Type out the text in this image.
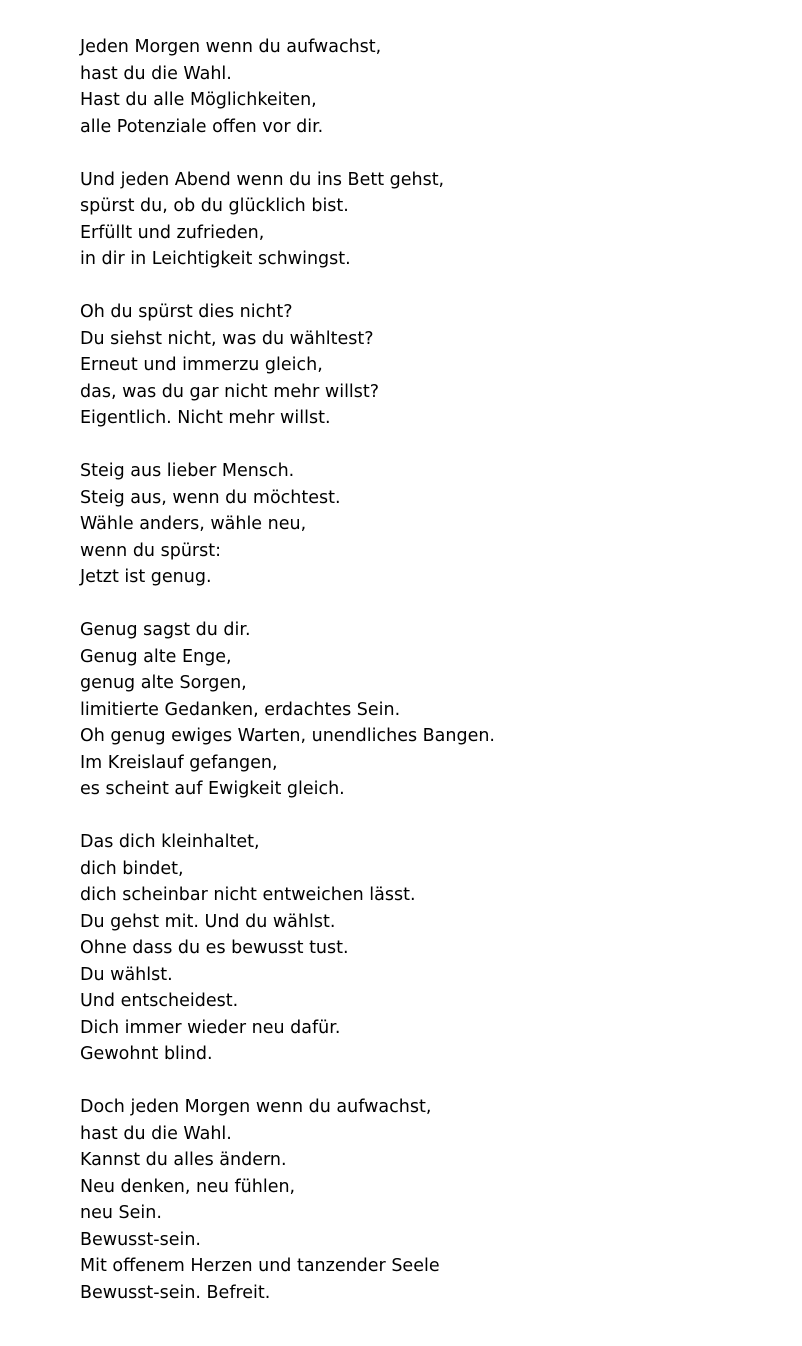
Jeden Morgen wenn du aufwachst,
hast du die Wahl.
Hast du alle Möglichkeiten,
alle Potenziale offen vor dir.
Und jeden Abend wenn du ins Bett gehst,
spürst du, ob du glücklich bist.
Erfüllt und zufrieden,
in dir in Leichtigkeit schwingst.
Oh du spürst dies nicht?
Du siehst nicht, was du wähltest?
Erneut und immerzu gleich,
das, was du gar nicht mehr willst?
Eigentlich. Nicht mehr willst.
Steig aus lieber Mensch.
Steig aus, wenn du möchtest.
Wähle anders, wähle neu,
wenn du spürst:
Jetzt ist genug.
Genug sagst du dir.
Genug alte Enge,
genug alte Sorgen,
limitierte Gedanken, erdachtes Sein.
Oh genug ewiges Warten, unendliches Bangen.
Im Kreislauf gefangen,
es scheint auf Ewigkeit gleich.
Das dich kleinhaltet,
dich bindet,
dich scheinbar nicht entweichen lässt.
Du gehst mit. Und du wählst.
Ohne dass du es bewusst tust.
Du wählst.
Und entscheidest.
Dich immer wieder neu dafür.
Gewohnt blind.
Doch jeden Morgen wenn du aufwachst,
hast du die Wahl.
Kannst du alles ändern.
Neu denken, neu fühlen,
neu Sein.
Bewusst-sein.
Mit offenem Herzen und tanzender Seele
Bewusst-sein. Befreit.
